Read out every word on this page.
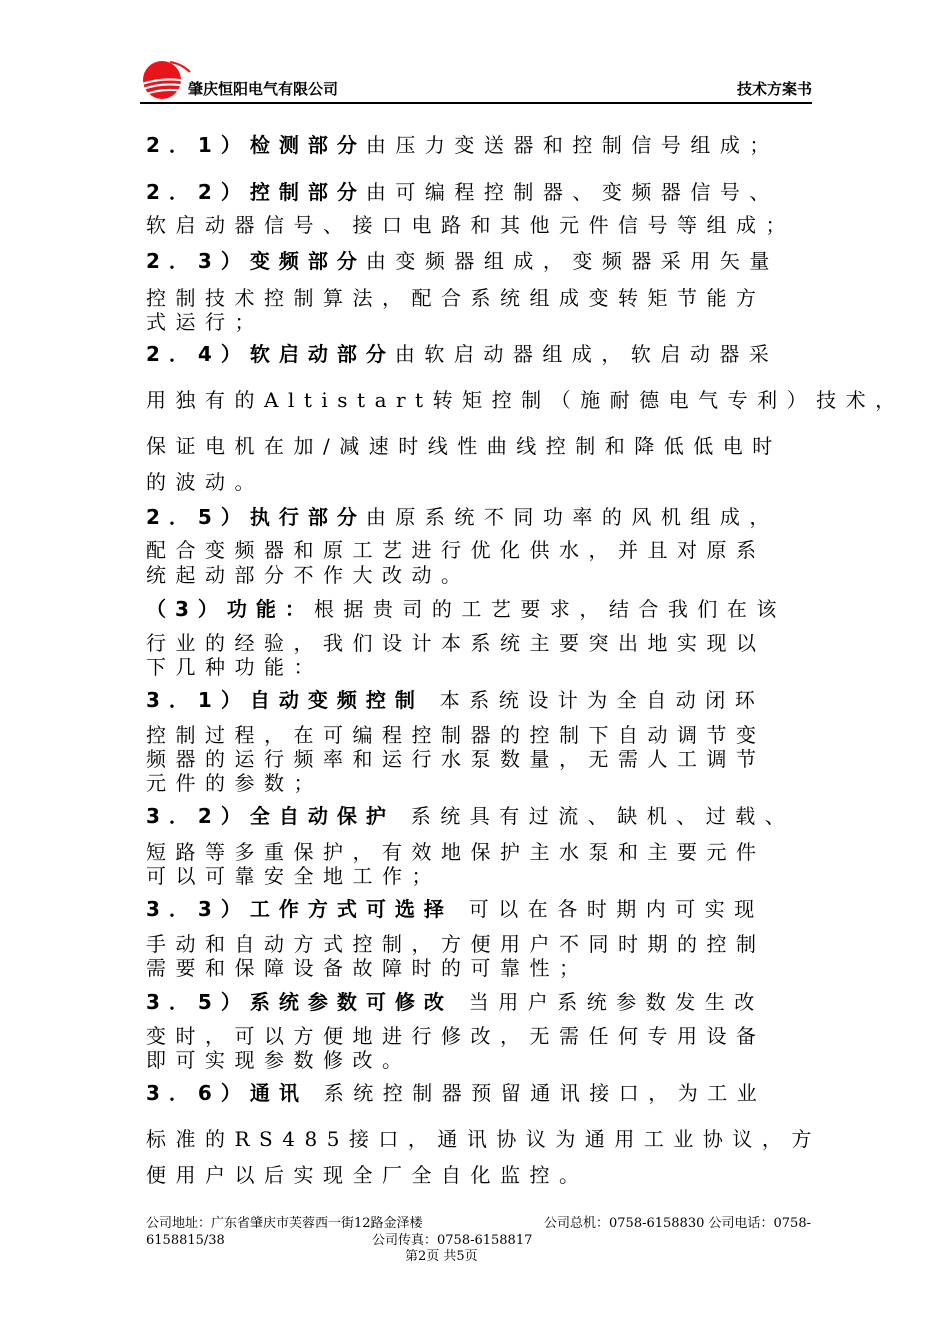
肇庆恒阳电气有限公司	技术方案书
2．1）检测部分由压力变送器和控制信号组成；
2．2）控制部分由可编程控制器、变频器信号、
软启动器信号、接口电路和其他元件信号等组成；
2．3）变频部分由变频器组成，变频器采用矢量
控制技术控制算法，配合系统组成变转矩节能方
式运行；
2．4）软启动部分由软启动器组成，软启动器采
用独有的Altistart转矩控制（施耐德电气专利）技术，
保证电机在加/减速时线性曲线控制和降低低电时
的波动。
2．5）执行部分由原系统不同功率的风机组成，
配合变频器和原工艺进行优化供水，并且对原系
统起动部分不作大改动。
（3）功能：根据贵司的工艺要求，结合我们在该
行业的经验，我们设计本系统主要突出地实现以
下几种功能：
3．1）自动变频控制 本系统设计为全自动闭环
控制过程，在可编程控制器的控制下自动调节变
频器的运行频率和运行水泵数量，无需人工调节
元件的参数；
3．2）全自动保护 系统具有过流、缺机、过载、
短路等多重保护，有效地保护主水泵和主要元件
可以可靠安全地工作；
3．3）工作方式可选择 可以在各时期内可实现
手动和自动方式控制，方便用户不同时期的控制
需要和保障设备故障时的可靠性；
3．5）系统参数可修改 当用户系统参数发生改
变时，可以方便地进行修改，无需任何专用设备
即可实现参数修改。
3．6）通讯 系统控制器预留通讯接口，为工业
标准的RS485接口，通讯协议为通用工业协议，方
便用户以后实现全厂全自化监控。
公司地址：广东省肇庆市芙蓉西一街12路金泽楼	公司总机：0758-6158830 公司电话：0758-
6158815/38	公司传真：0758-6158817
第2页 共5页
